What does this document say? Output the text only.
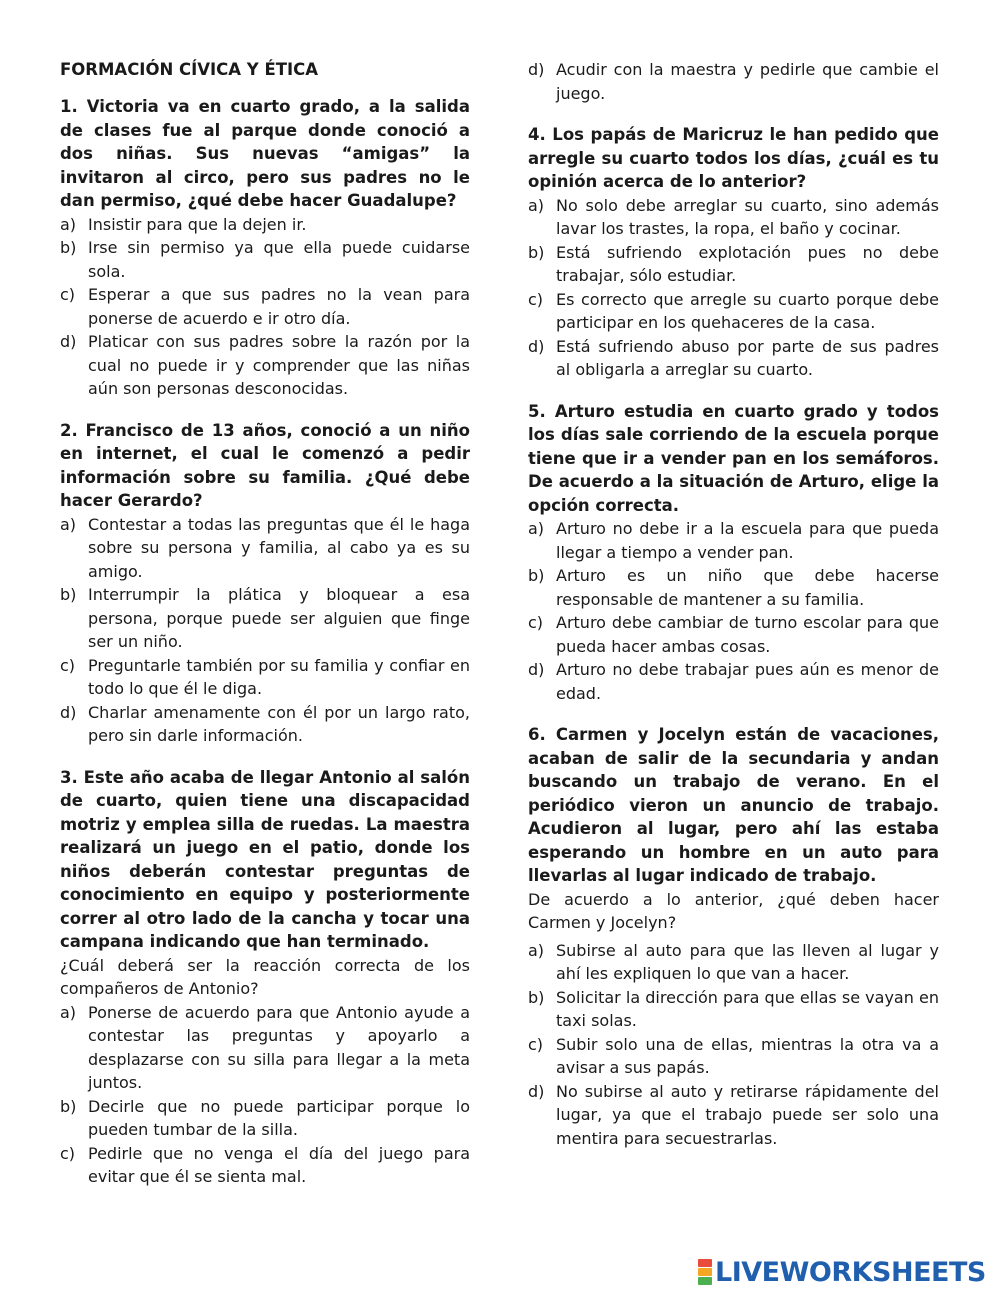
FORMACIÓN CÍVICA Y ÉTICA

1. Victoria va en cuarto grado, a la salida de clases fue al parque donde conoció a dos niñas. Sus nuevas “amigas” la invitaron al circo, pero sus padres no le dan permiso, ¿qué debe hacer Guadalupe?

a) Insistir para que la dejen ir.
b) Irse sin permiso ya que ella puede cuidarse sola.
c) Esperar a que sus padres no la vean para ponerse de acuerdo e ir otro día.
d) Platicar con sus padres sobre la razón por la cual no puede ir y comprender que las niñas aún son personas desconocidas.

2. Francisco de 13 años, conoció a un niño en internet, el cual le comenzó a pedir información sobre su familia. ¿Qué debe hacer Gerardo?

a) Contestar a todas las preguntas que él le haga sobre su persona y familia, al cabo ya es su amigo.
b) Interrumpir la plática y bloquear a esa persona, porque puede ser alguien que finge ser un niño.
c) Preguntarle también por su familia y confiar en todo lo que él le diga.
d) Charlar amenamente con él por un largo rato, pero sin darle información.

3. Este año acaba de llegar Antonio al salón de cuarto, quien tiene una discapacidad motriz y emplea silla de ruedas. La maestra realizará un juego en el patio, donde los niños deberán contestar preguntas de conocimiento en equipo y posteriormente correr al otro lado de la cancha y tocar una campana indicando que han terminado.

¿Cuál deberá ser la reacción correcta de los compañeros de Antonio?

a) Ponerse de acuerdo para que Antonio ayude a contestar las preguntas y apoyarlo a desplazarse con su silla para llegar a la meta juntos.
b) Decirle que no puede participar porque lo pueden tumbar de la silla.
c) Pedirle que no venga el día del juego para evitar que él se sienta mal.
d) Acudir con la maestra y pedirle que cambie el juego.

4. Los papás de Maricruz le han pedido que arregle su cuarto todos los días, ¿cuál es tu opinión acerca de lo anterior?

a) No solo debe arreglar su cuarto, sino además lavar los trastes, la ropa, el baño y cocinar.
b) Está sufriendo explotación pues no debe trabajar, sólo estudiar.
c) Es correcto que arregle su cuarto porque debe participar en los quehaceres de la casa.
d) Está sufriendo abuso por parte de sus padres al obligarla a arreglar su cuarto.

5. Arturo estudia en cuarto grado y todos los días sale corriendo de la escuela porque tiene que ir a vender pan en los semáforos. De acuerdo a la situación de Arturo, elige la opción correcta.

a) Arturo no debe ir a la escuela para que pueda llegar a tiempo a vender pan.
b) Arturo es un niño que debe hacerse responsable de mantener a su familia.
c) Arturo debe cambiar de turno escolar para que pueda hacer ambas cosas.
d) Arturo no debe trabajar pues aún es menor de edad.

6. Carmen y Jocelyn están de vacaciones, acaban de salir de la secundaria y andan buscando un trabajo de verano. En el periódico vieron un anuncio de trabajo. Acudieron al lugar, pero ahí las estaba esperando un hombre en un auto para llevarlas al lugar indicado de trabajo.

De acuerdo a lo anterior, ¿qué deben hacer Carmen y Jocelyn?

a) Subirse al auto para que las lleven al lugar y ahí les expliquen lo que van a hacer.
b) Solicitar la dirección para que ellas se vayan en taxi solas.
c) Subir solo una de ellas, mientras la otra va a avisar a sus papás.
d) No subirse al auto y retirarse rápidamente del lugar, ya que el trabajo puede ser solo una mentira para secuestrarlas.
LIVEWORKSHEETS
